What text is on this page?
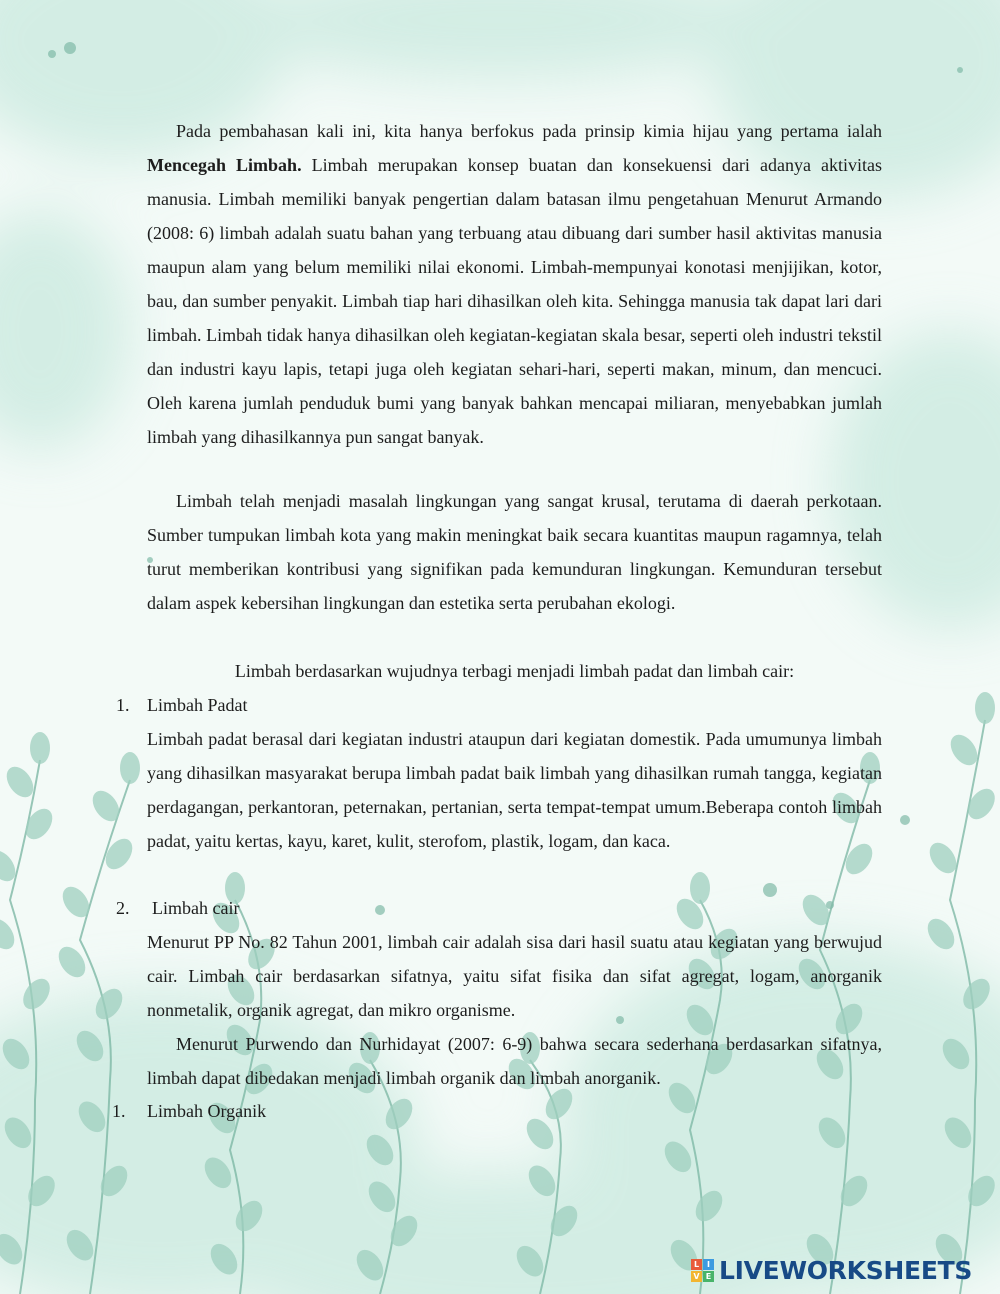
Pada pembahasan kali ini, kita hanya berfokus pada prinsip kimia hijau yang pertama ialah Mencegah Limbah. Limbah merupakan konsep buatan dan konsekuensi dari adanya aktivitas manusia. Limbah memiliki banyak pengertian dalam batasan ilmu pengetahuan Menurut Armando (2008: 6) limbah adalah suatu bahan yang terbuang atau dibuang dari sumber hasil aktivitas manusia maupun alam yang belum memiliki nilai ekonomi. Limbah-mempunyai konotasi menjijikan, kotor, bau, dan sumber penyakit. Limbah tiap hari dihasilkan oleh kita. Sehingga manusia tak dapat lari dari limbah. Limbah tidak hanya dihasilkan oleh kegiatan-kegiatan skala besar, seperti oleh industri tekstil dan industri kayu lapis, tetapi juga oleh kegiatan sehari-hari, seperti makan, minum, dan mencuci. Oleh karena jumlah penduduk bumi yang banyak bahkan mencapai miliaran, menyebabkan jumlah limbah yang dihasilkannya pun sangat banyak.

Limbah telah menjadi masalah lingkungan yang sangat krusal, terutama di daerah perkotaan. Sumber tumpukan limbah kota yang makin meningkat baik secara kuantitas maupun ragamnya, telah turut memberikan kontribusi yang signifikan pada kemunduran lingkungan. Kemunduran tersebut dalam aspek kebersihan lingkungan dan estetika serta perubahan ekologi.

Limbah berdasarkan wujudnya terbagi menjadi limbah padat dan limbah cair:

1. Limbah Padat

Limbah padat berasal dari kegiatan industri ataupun dari kegiatan domestik. Pada umumunya limbah yang dihasilkan masyarakat berupa limbah padat baik limbah yang dihasilkan rumah tangga, kegiatan perdagangan, perkantoran, peternakan, pertanian, serta tempat-tempat umum.Beberapa contoh limbah padat, yaitu kertas, kayu, karet, kulit, sterofom, plastik, logam, dan kaca.

2. Limbah cair

Menurut PP No. 82 Tahun 2001, limbah cair adalah sisa dari hasil suatu atau kegiatan yang berwujud cair. Limbah cair berdasarkan sifatnya, yaitu sifat fisika dan sifat agregat, logam, anorganik nonmetalik, organik agregat, dan mikro organisme.

Menurut Purwendo dan Nurhidayat (2007: 6-9) bahwa secara sederhana berdasarkan sifatnya, limbah dapat dibedakan menjadi limbah organik dan limbah anorganik.

1. Limbah Organik
L I
V E LIVEWORKSHEETS
